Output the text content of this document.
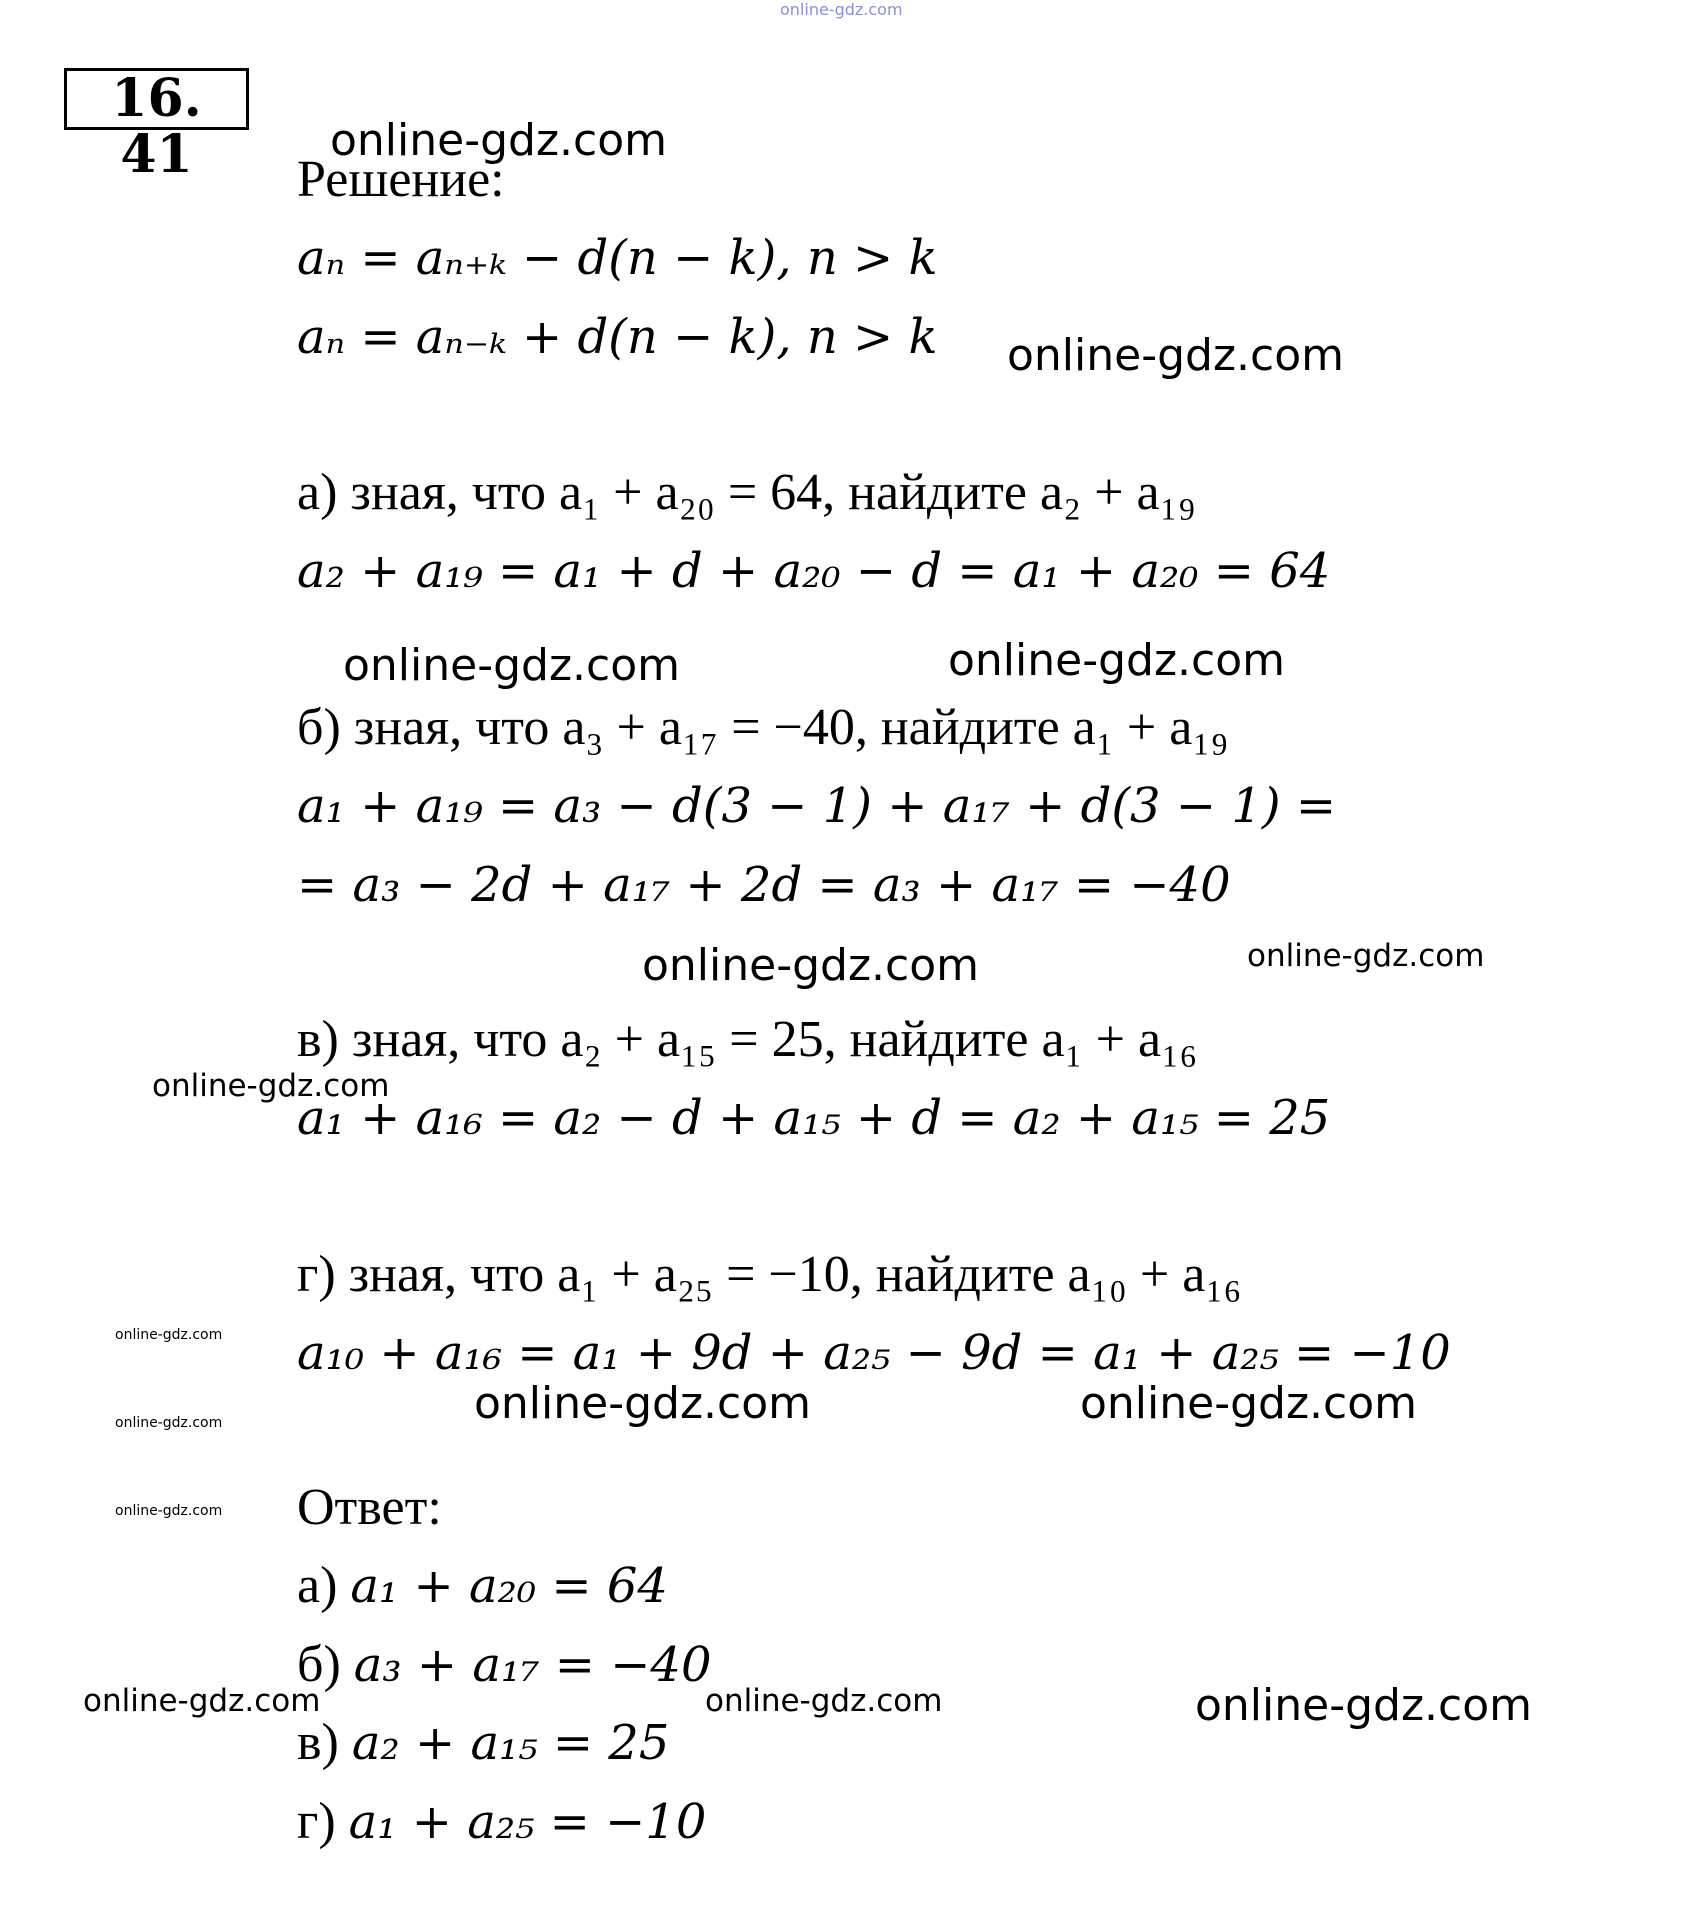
16. 41	Решение:
aₙ = aₙ₊ₖ − d(n − k), n > k
aₙ = aₙ₋ₖ + d(n − k), n > k
а) зная, что a₁ + a₂₀ = 64, найдите a₂ + a₁₉
a₂ + a₁₉ = a₁ + d + a₂₀ − d = a₁ + a₂₀ = 64
б) зная, что a₃ + a₁₇ = −40, найдите a₁ + a₁₉
a₁ + a₁₉ = a₃ − d(3 − 1) + a₁₇ + d(3 − 1) =
= a₃ − 2d + a₁₇ + 2d = a₃ + a₁₇ = −40
в) зная, что a₂ + a₁₅ = 25, найдите a₁ + a₁₆
a₁ + a₁₆ = a₂ − d + a₁₅ + d = a₂ + a₁₅ = 25
г) зная, что a₁ + a₂₅ = −10, найдите a₁₀ + a₁₆
a₁₀ + a₁₆ = a₁ + 9d + a₂₅ − 9d = a₁ + a₂₅ = −10
Ответ:
а) a₁ + a₂₀ = 64
б) a₃ + a₁₇ = −40
в) a₂ + a₁₅ = 25
г) a₁ + a₂₅ = −10
online-gdz.com
online-gdz.com
online-gdz.com
online-gdz.com	online-gdz.com
online-gdz.com	online-gdz.com
online-gdz.com
online-gdz.com
online-gdz.com	online-gdz.com
online-gdz.com
online-gdz.com
online-gdz.com	online-gdz.com	online-gdz.com
